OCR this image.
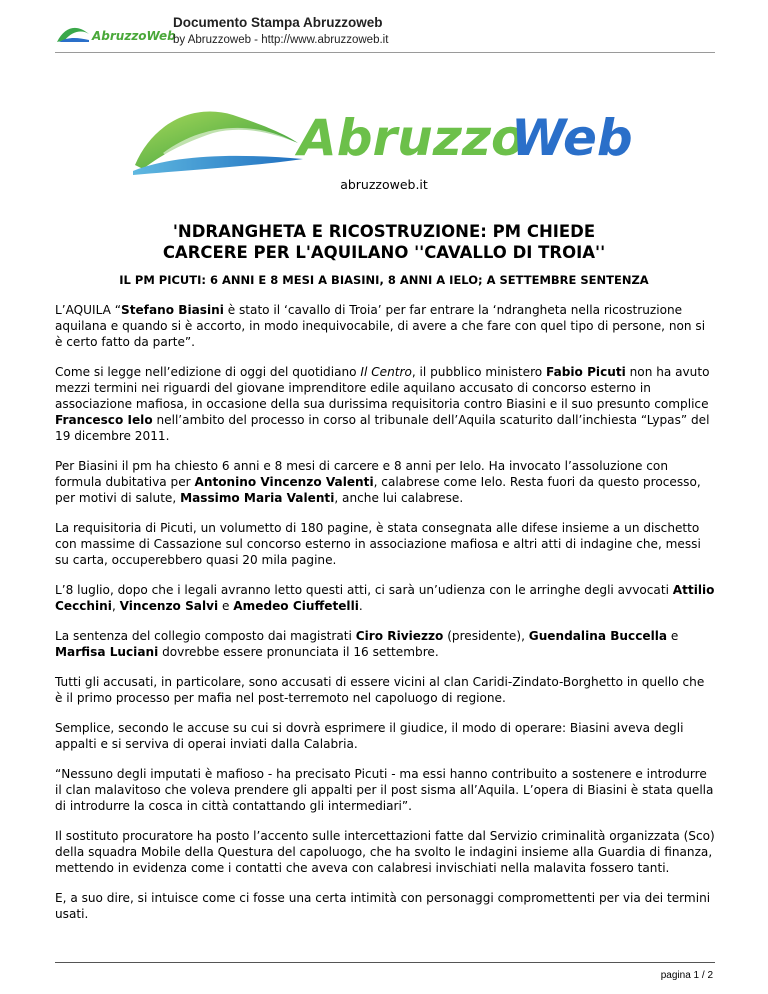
AbruzzoWeb
Documento Stampa Abruzzoweb
by Abruzzoweb - http://www.abruzzoweb.it
Abruzzo
Web
abruzzoweb.it
'NDRANGHETA E RICOSTRUZIONE: PM CHIEDE
CARCERE PER L'AQUILANO ''CAVALLO DI TROIA''
IL PM PICUTI: 6 ANNI E 8 MESI A BIASINI, 8 ANNI A IELO; A SETTEMBRE SENTENZA

L’AQUILA “Stefano Biasini è stato il ‘cavallo di Troia’ per far entrare la ‘ndrangheta nella ricostruzione aquilana e quando si è accorto, in modo inequivocabile, di avere a che fare con quel tipo di persone, non si è certo fatto da parte”.

Come si legge nell’edizione di oggi del quotidiano Il Centro, il pubblico ministero Fabio Picuti non ha avuto mezzi termini nei riguardi del giovane imprenditore edile aquilano accusato di concorso esterno in associazione mafiosa, in occasione della sua durissima requisitoria contro Biasini e il suo presunto complice Francesco Ielo nell’ambito del processo in corso al tribunale dell’Aquila scaturito dall’inchiesta “Lypas” del 19 dicembre 2011.

Per Biasini il pm ha chiesto 6 anni e 8 mesi di carcere e 8 anni per Ielo. Ha invocato l’assoluzione con formula dubitativa per Antonino Vincenzo Valenti, calabrese come Ielo. Resta fuori da questo processo, per motivi di salute, Massimo Maria Valenti, anche lui calabrese.

La requisitoria di Picuti, un volumetto di 180 pagine, è stata consegnata alle difese insieme a un dischetto con massime di Cassazione sul concorso esterno in associazione mafiosa e altri atti di indagine che, messi su carta, occuperebbero quasi 20 mila pagine.

L’8 luglio, dopo che i legali avranno letto questi atti, ci sarà un’udienza con le arringhe degli avvocati Attilio Cecchini, Vincenzo Salvi e Amedeo Ciuffetelli.

La sentenza del collegio composto dai magistrati Ciro Riviezzo (presidente), Guendalina Buccella e Marfisa Luciani dovrebbe essere pronunciata il 16 settembre.

Tutti gli accusati, in particolare, sono accusati di essere vicini al clan Caridi-Zindato-Borghetto in quello che è il primo processo per mafia nel post-terremoto nel capoluogo di regione.

Semplice, secondo le accuse su cui si dovrà esprimere il giudice, il modo di operare: Biasini aveva degli appalti e si serviva di operai inviati dalla Calabria.

“Nessuno degli imputati è mafioso - ha precisato Picuti - ma essi hanno contribuito a sostenere e introdurre il clan malavitoso che voleva prendere gli appalti per il post sisma all’Aquila. L’opera di Biasini è stata quella di introdurre la cosca in città contattando gli intermediari”.

Il sostituto procuratore ha posto l’accento sulle intercettazioni fatte dal Servizio criminalità organizzata (Sco) della squadra Mobile della Questura del capoluogo, che ha svolto le indagini insieme alla Guardia di finanza, mettendo in evidenza come i contatti che aveva con calabresi invischiati nella malavita fossero tanti.

E, a suo dire, si intuisce come ci fosse una certa intimità con personaggi compromettenti per via dei termini usati.

pagina 1 / 2
